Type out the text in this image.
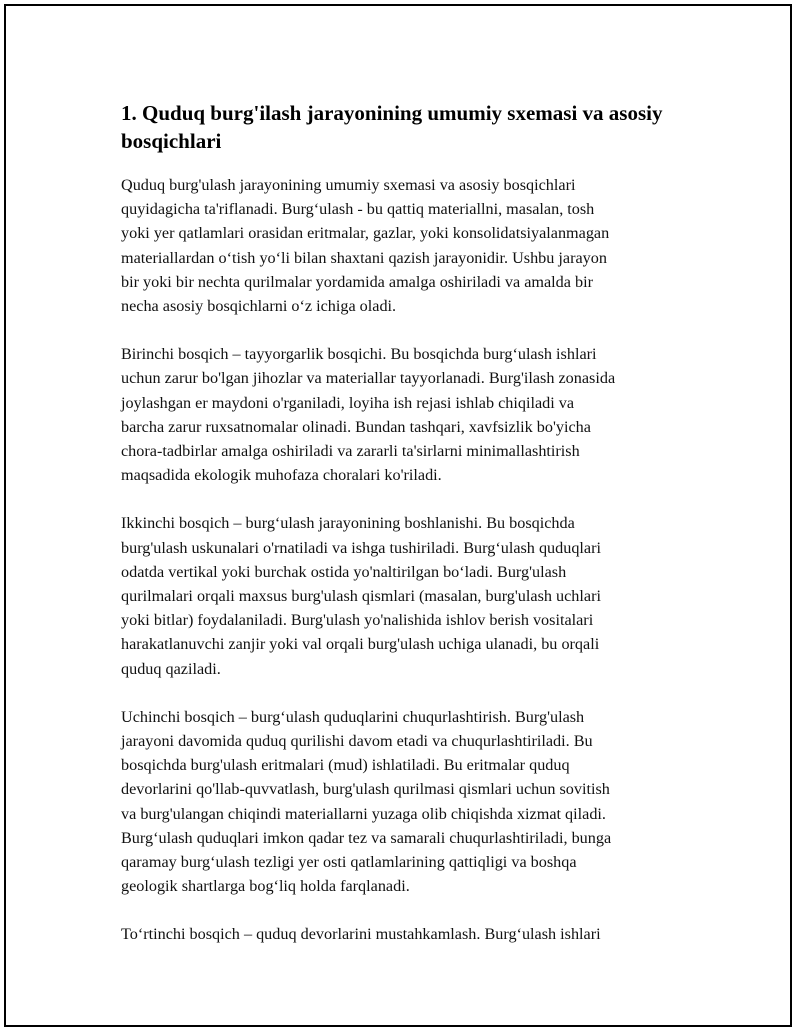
1. Quduq burg'ilash jarayonining umumiy sxemasi va asosiy bosqichlari

Quduq burg'ulash jarayonining umumiy sxemasi va asosiy bosqichlari
quyidagicha ta'riflanadi. Burg‘ulash - bu qattiq materiallni, masalan, tosh
yoki yer qatlamlari orasidan eritmalar, gazlar, yoki konsolidatsiyalanmagan
materiallardan o‘tish yo‘li bilan shaxtani qazish jarayonidir. Ushbu jarayon
bir yoki bir nechta qurilmalar yordamida amalga oshiriladi va amalda bir
necha asosiy bosqichlarni o‘z ichiga oladi.

Birinchi bosqich – tayyorgarlik bosqichi. Bu bosqichda burg‘ulash ishlari
uchun zarur bo'lgan jihozlar va materiallar tayyorlanadi. Burg'ilash zonasida
joylashgan er maydoni o'rganiladi, loyiha ish rejasi ishlab chiqiladi va
barcha zarur ruxsatnomalar olinadi. Bundan tashqari, xavfsizlik bo'yicha
chora-tadbirlar amalga oshiriladi va zararli ta'sirlarni minimallashtirish
maqsadida ekologik muhofaza choralari ko'riladi.

Ikkinchi bosqich – burg‘ulash jarayonining boshlanishi. Bu bosqichda
burg'ulash uskunalari o'rnatiladi va ishga tushiriladi. Burg‘ulash quduqlari
odatda vertikal yoki burchak ostida yo'naltirilgan bo‘ladi. Burg'ulash
qurilmalari orqali maxsus burg'ulash qismlari (masalan, burg'ulash uchlari
yoki bitlar) foydalaniladi. Burg'ulash yo'nalishida ishlov berish vositalari
harakatlanuvchi zanjir yoki val orqali burg'ulash uchiga ulanadi, bu orqali
quduq qaziladi.

Uchinchi bosqich – burg‘ulash quduqlarini chuqurlashtirish. Burg'ulash
jarayoni davomida quduq qurilishi davom etadi va chuqurlashtiriladi. Bu
bosqichda burg'ulash eritmalari (mud) ishlatiladi. Bu eritmalar quduq
devorlarini qo'llab-quvvatlash, burg'ulash qurilmasi qismlari uchun sovitish
va burg'ulangan chiqindi materiallarni yuzaga olib chiqishda xizmat qiladi.
Burg‘ulash quduqlari imkon qadar tez va samarali chuqurlashtiriladi, bunga
qaramay burg‘ulash tezligi yer osti qatlamlarining qattiqligi va boshqa
geologik shartlarga bog‘liq holda farqlanadi.

To‘rtinchi bosqich – quduq devorlarini mustahkamlash. Burg‘ulash ishlari
